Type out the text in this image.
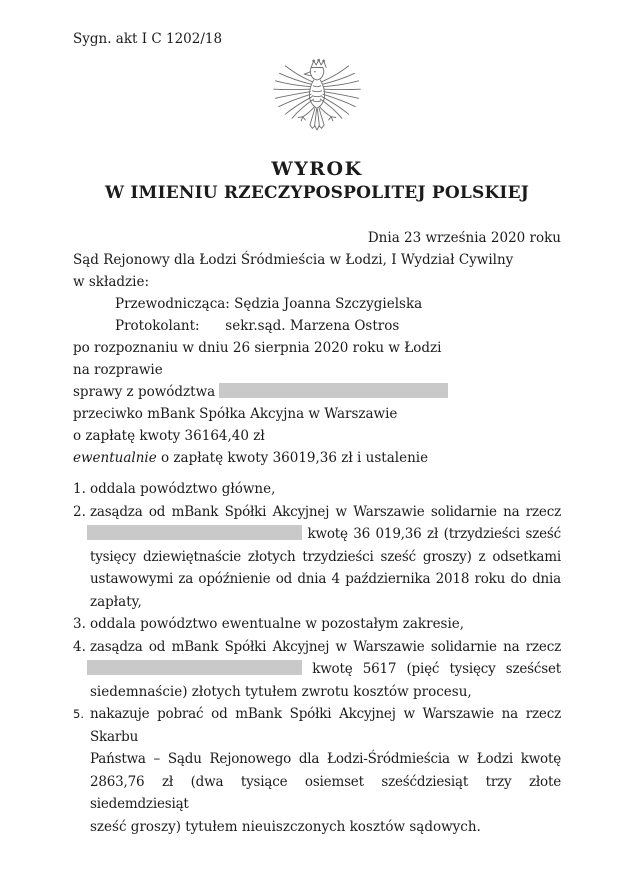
Sygn. akt I C 1202/18
WYROK
W IMIENIU RZECZYPOSPOLITEJ POLSKIEJ
Dnia 23 września 2020 roku
Sąd Rejonowy dla Łodzi Śródmieścia w Łodzi, I Wydział Cywilny
w składzie:
Przewodnicząca: Sędzia Joanna Szczygielska
Protokolant:      sekr.sąd. Marzena Ostros
po rozpoznaniu w dniu 26 sierpnia 2020 roku w Łodzi
na rozprawie
sprawy z powództwa
przeciwko mBank Spółka Akcyjna w Warszawie
o zapłatę kwoty 36164,40 zł
ewentualnie o zapłatę kwoty 36019,36 zł i ustalenie
1. oddala powództwo główne,
2. zasądza od mBank Spółki Akcyjnej w Warszawie solidarnie na rzecz
kwotę 36 019,36 zł (trzydzieści sześć
tysięcy dziewiętnaście złotych trzydzieści sześć groszy) z odsetkami
ustawowymi za opóźnienie od dnia 4 października 2018 roku do dnia
zapłaty,
3. oddala powództwo ewentualne w pozostałym zakresie,
4. zasądza od mBank Spółki Akcyjnej w Warszawie solidarnie na rzecz
kwotę 5617 (pięć tysięcy sześćset
siedemnaście) złotych tytułem zwrotu kosztów procesu,
5. nakazuje pobrać od mBank Spółki Akcyjnej w Warszawie na rzecz Skarbu
Państwa – Sądu Rejonowego dla Łodzi-Śródmieścia w Łodzi kwotę
2863,76 zł (dwa tysiące osiemset sześćdziesiąt trzy złote siedemdziesiąt
sześć groszy) tytułem nieuiszczonych kosztów sądowych.
